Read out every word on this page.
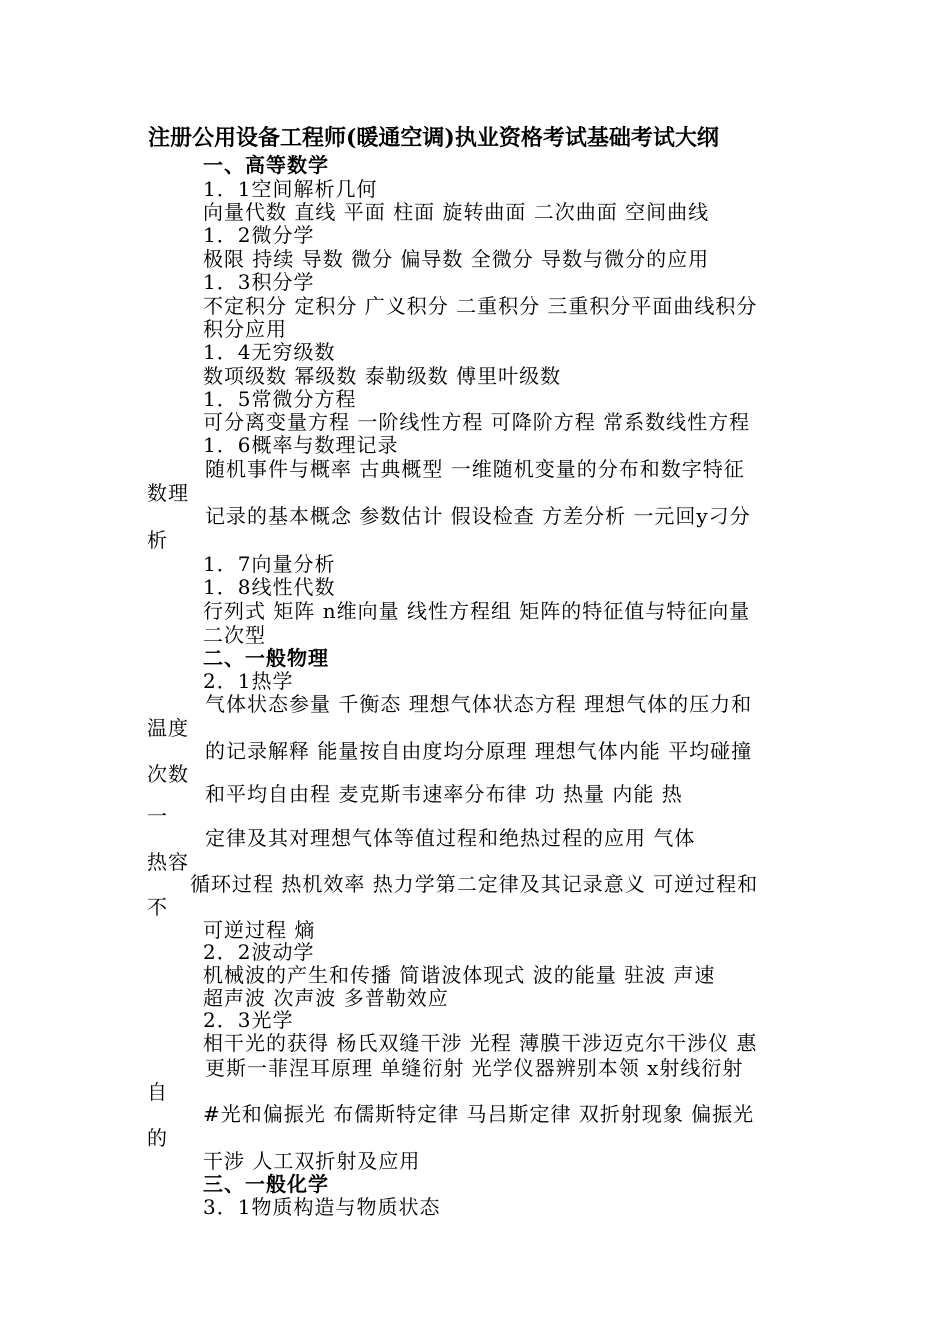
注册公用设备工程师(暖通空调)执业资格考试基础考试大纲
一、高等数学
1．1空间解析几何
向量代数 直线 平面 柱面 旋转曲面 二次曲面 空间曲线
1．2微分学
极限 持续 导数 微分 偏导数 全微分 导数与微分的应用
1．3积分学
不定积分 定积分 广义积分 二重积分 三重积分平面曲线积分
积分应用
1．4无穷级数
数项级数 幂级数 泰勒级数 傅里叶级数
1．5常微分方程
可分离变量方程 一阶线性方程 可降阶方程 常系数线性方程
1．6概率与数理记录
随机事件与概率 古典概型 一维随机变量的分布和数字特征
数理
记录的基本概念 参数估计 假设检查 方差分析 一元回y刁分
析
1．7向量分析
1．8线性代数
行列式 矩阵 n维向量 线性方程组 矩阵的特征值与特征向量
二次型
二、一般物理
2．1热学
气体状态参量 千衡态 理想气体状态方程 理想气体的压力和
温度
的记录解释 能量按自由度均分原理 理想气体内能 平均碰撞
次数
和平均自由程 麦克斯韦速率分布律 功 热量 内能 热
一
定律及其对理想气体等值过程和绝热过程的应用 气体
热容
循环过程 热机效率 热力学第二定律及其记录意义 可逆过程和
不
可逆过程 熵
2．2波动学
机械波的产生和传播 简谐波体现式 波的能量 驻波 声速
超声波 次声波 多普勒效应
2．3光学
相干光的获得 杨氏双缝干涉 光程 薄膜干涉迈克尔干涉仪 惠
更斯一菲涅耳原理 单缝衍射 光学仪器辨别本领 x射线衍射
自
#光和偏振光 布儒斯特定律 马吕斯定律 双折射现象 偏振光
的
干涉 人工双折射及应用
三、一般化学
3．1物质构造与物质状态
